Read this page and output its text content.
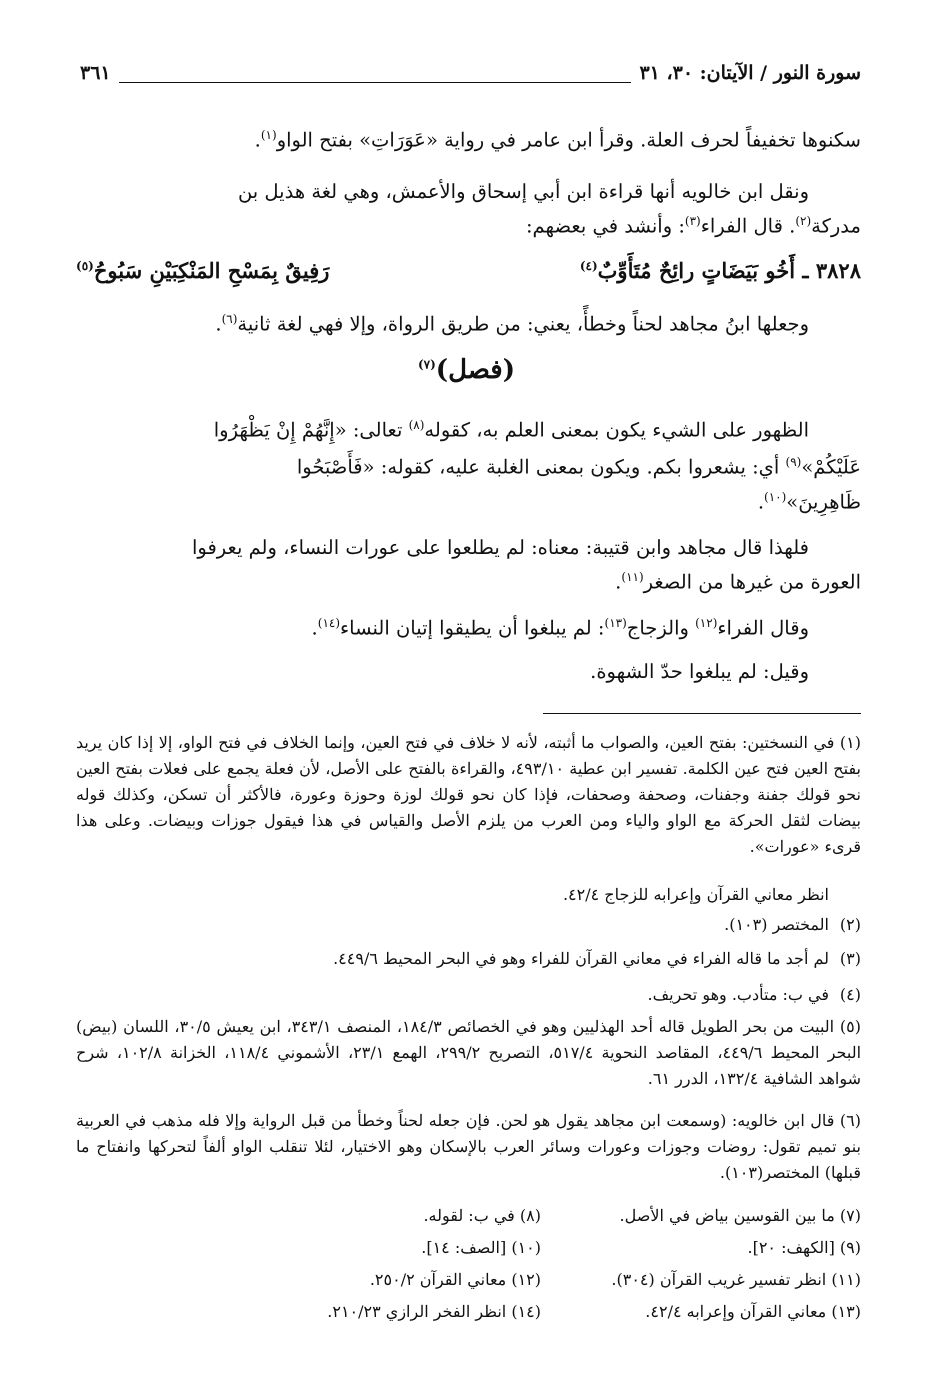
سورة النور / الآيتان: ٣٠، ٣١
٣٦١
سكنوها تخفيفاً لحرف العلة. وقرأ ابن عامر في رواية «عَوَرَاتِ» بفتح الواو$^{(١)}$.
ونقل ابن خالويه أنها قراءة ابن أبي إسحاق والأعمش، وهي لغة هذيل بن
مدركة$^{(٢)}$. قال الفراء$^{(٣)}$: وأنشد في بعضهم:
٣٨٢٨ ـ أَخُو بَيَضَاتٍ رائِحٌ مُتَأَوِّبٌ$^{(٤)}$
رَفِيقٌ بِمَسْحِ المَنْكِبَيْنِ سَبُوحُ$^{(٥)}$
وجعلها ابنُ مجاهد لحناً وخطأً، يعني: من طريق الرواة، وإلا فهي لغة ثانية$^{(٦)}$.
(فصل)$^{(٧)}$
الظهور على الشيء يكون بمعنى العلم به، كقوله$^{(٨)}$ تعالى: «إِنَّهُمْ إِنْ يَظْهَرُوا
عَلَيْكُمْ»$^{(٩)}$ أي: يشعروا بكم. ويكون بمعنى الغلبة عليه، كقوله: «فَأَصْبَحُوا
ظَاهِرِينَ»$^{(١٠)}$.
فلهذا قال مجاهد وابن قتيبة: معناه: لم يطلعوا على عورات النساء، ولم يعرفوا
العورة من غيرها من الصغر$^{(١١)}$.
وقال الفراء$^{(١٢)}$ والزجاج$^{(١٣)}$: لم يبلغوا أن يطيقوا إتيان النساء$^{(١٤)}$.
وقيل: لم يبلغوا حدّ الشهوة.
(١) في النسختين: بفتح العين، والصواب ما أثبته، لأنه لا خلاف في فتح العين، وإنما الخلاف في فتح الواو، إلا إذا كان يريد بفتح العين فتح عين الكلمة. تفسير ابن عطية ٤٩٣/١٠، والقراءة بالفتح على الأصل، لأن فعلة يجمع على فعلات بفتح العين نحو قولك جفنة وجفنات، وصحفة وصحفات، فإذا كان نحو قولك لوزة وحوزة وعورة، فالأكثر أن تسكن، وكذلك قوله بيضات لثقل الحركة مع الواو والياء ومن العرب من يلزم الأصل والقياس في هذا فيقول جوزات وبيضات. وعلى هذا قرىء «عورات».
انظر معاني القرآن وإعرابه للزجاج ٤٢/٤.
(٢)المختصر (١٠٣).
(٣)لم أجد ما قاله الفراء في معاني القرآن للفراء وهو في البحر المحيط ٤٤٩/٦.
(٤)في ب: متأدب. وهو تحريف.
(٥) البيت من بحر الطويل قاله أحد الهذليين وهو في الخصائص ١٨٤/٣، المنصف ٣٤٣/١، ابن يعيش ٣٠/٥، اللسان (بيض) البحر المحيط ٤٤٩/٦، المقاصد النحوية ٥١٧/٤، التصريح ٢٩٩/٢، الهمع ٢٣/١، الأشموني ١١٨/٤، الخزانة ١٠٢/٨، شرح شواهد الشافية ١٣٢/٤، الدرر ٦١.
(٦) قال ابن خالويه: (وسمعت ابن مجاهد يقول هو لحن. فإن جعله لحناً وخطأ من قبل الرواية وإلا فله مذهب في العربية بنو تميم تقول: روضات وجوزات وعورات وسائر العرب بالإسكان وهو الاختيار، لئلا تنقلب الواو ألفاً لتحركها وانفتاح ما قبلها) المختصر(١٠٣).
(٧) ما بين القوسين بياض في الأصل.
(٨) في ب: لقوله.
(٩) [الكهف: ٢٠].
(١٠) [الصف: ١٤].
(١١) انظر تفسير غريب القرآن (٣٠٤).
(١٢) معاني القرآن ٢٥٠/٢.
(١٣) معاني القرآن وإعرابه ٤٢/٤.
(١٤) انظر الفخر الرازي ٢١٠/٢٣.
